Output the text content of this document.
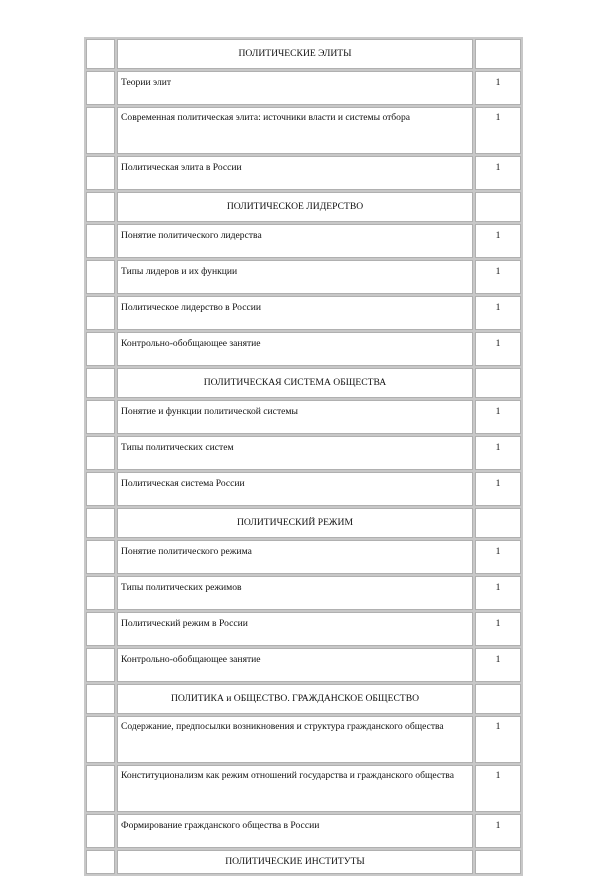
	ПОЛИТИЧЕСКИЕ ЭЛИТЫ	
	Теории элит	1
	Современная политическая элита: источники власти и системы отбора	1
	Политическая элита в России	1
	ПОЛИТИЧЕСКОЕ ЛИДЕРСТВО	
	Понятие политического лидерства	1
	Типы лидеров и их функции	1
	Политическое лидерство в России	1
	Контрольно-обобщающее занятие	1
	ПОЛИТИЧЕСКАЯ СИСТЕМА ОБЩЕСТВА	
	Понятие и функции политической системы	1
	Типы политических систем	1
	Политическая система России	1
	ПОЛИТИЧЕСКИЙ РЕЖИМ	
	Понятие политического режима	1
	Типы политических режимов	1
	Политический режим в России	1
	Контрольно-обобщающее занятие	1
	ПОЛИТИКА и ОБЩЕСТВО. ГРАЖДАНСКОЕ ОБЩЕСТВО	
	Содержание, предпосылки возникновения и структура гражданского общества	1
	Конституционализм как режим отношений государства и гражданского общества	1
	Формирование гражданского общества в России	1
	ПОЛИТИЧЕСКИЕ ИНСТИТУТЫ	
